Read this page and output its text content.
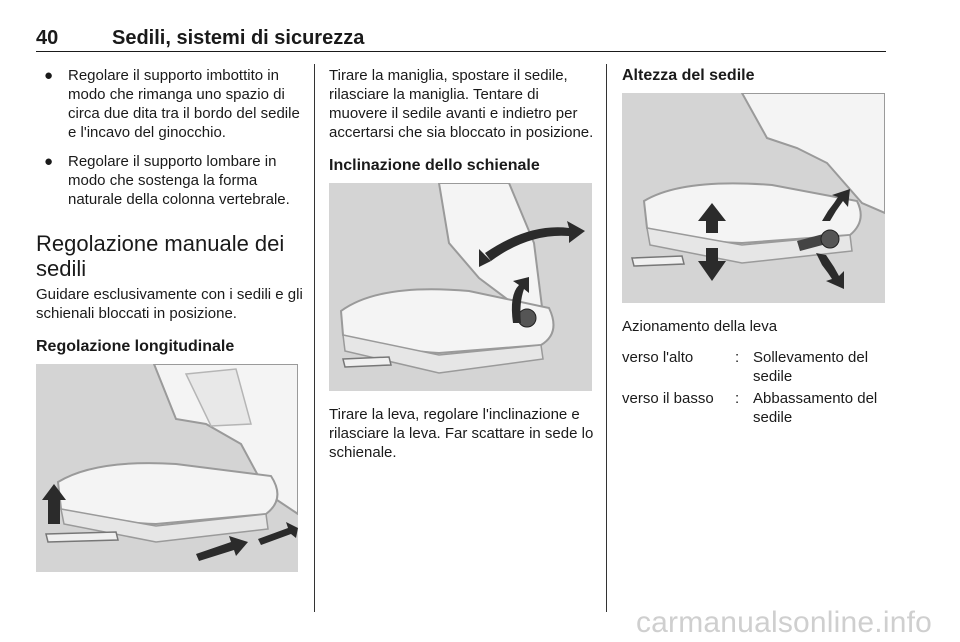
40	Sedili, sistemi di sicurezza
● Regolare il supporto imbottito in modo che rimanga uno spazio di circa due dita tra il bordo del sedile e l'incavo del ginocchio.
● Regolare il supporto lombare in modo che sostenga la forma naturale della colonna vertebrale.
Regolazione manuale dei sedili

Guidare esclusivamente con i sedili e gli schienali bloccati in posizione.

Regolazione longitudinale

Tirare la maniglia, spostare il sedile, rilasciare la maniglia. Tentare di muovere il sedile avanti e indietro per accertarsi che sia bloccato in posizione.

Inclinazione dello schienale

Tirare la leva, regolare l'inclinazione e rilasciare la leva. Far scattare in sede lo schienale.

Altezza del sedile

Azionamento della leva

verso l'alto	: Sollevamento del sedile
verso il basso	: Abbassamento del sedile
carmanualsonline.info
